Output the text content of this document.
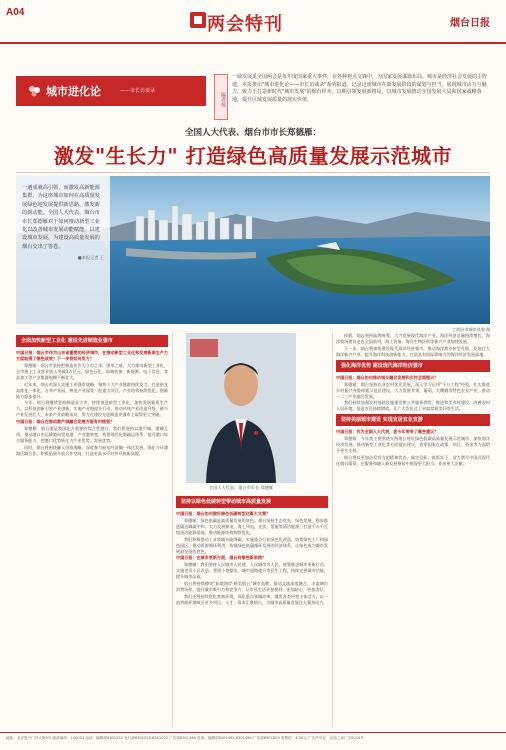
A04
两会特刊	烟台日报
城市进化论	——市长访谈录
编者按
一域发展觅全国两会是每年度国家重大事件，在各种观点交锋中，为国家发展谋篇布局。城市是经济社会发展的主阵地，本报推出"城市进化论——市长访谈录"系列报道，记录这座城市在新发展阶段的谋划与担当，展现城市活力与魅力，致力于打造新时代"城市发展"的烟台样本，以期引领发展新格局，以城市发展推动全国发展大局和国家战略落地，提升区域发展质量的现实价值。
全国人大代表、烟台市市长郑德雁：
激发"生长力" 打造绿色高质量发展示范城市
一遇成就高引领，而激发高新能源集群，为这座城市如何在高质量发展绿色地发展提供新思路，激发新的新动能。全国人大代表、烟台市市长郑德雁对于如何推动新型工业化以改善城市发展动能赋能，以建设城市发展，为建设高质量发展的烟台交出了答卷。
■本报记者 王
□烟台市城市风貌 摄
全面加快新型工业化 建设先进制造业强市

中国日报：烟台市作为山东省重要的经济城市，在推动新型工业化和发展新质生产力方面取得了哪些成效？下一步将如何发力？

郑德雁：烟台市坚持把制造业作为立市之本、强市之基，大力推动新型工业化，全市规上工业营业收入突破1万亿元，绿色石化、高端装备、新能源、电子信息、食品加工等产业集群规模不断壮大。

近年来，烟台市深入实施工业强市战略，聚焦十大产业链群持续发力，打造裕龙岛炼化一体化、万华产业园、核电产业园等一批重大项目，产业结构持续优化，创新能力稳步提升。

今年，烟台将继续坚持制造业立市，持续推进新型工业化，加快发展新质生产力，以科技创新引领产业创新，实施产业链提升行动，推动传统产业改造升级、新兴产业发展壮大、未来产业前瞻布局，努力在建设先进制造业强市上取得更大突破。

中国日报：烟台在推动港产城融合发展方面有何规划？

郑德雁：烟台港是我国北方重要的综合性港口，我们将坚持以港兴城、港城互动，推动港口由运输港向贸易港、产业港转变，构建现代化集疏运体系，提升港口综合服务能力，把港口优势转化为产业优势、发展优势。

同时，烟台将围绕融入国家战略，深度参与胶东经济圈一体化发展，强化与环渤海区域合作，积极拓展开放合作空间，打造更高水平对外开放新高地。

全国人大代表、烟台市市长 郑德雁
坚持以绿色低碳转型带动城市高质量发展

中国日报：烟台如何做好绿色低碳转型这篇大文章？

郑德雁：绿色低碳是高质量发展的底色。烟台坚持生态优先、绿色发展，稳步推进碳达峰碳中和，大力发展核电、海上风电、光伏、氢能等清洁能源，打造千万千瓦级清洁能源基地，推动能源结构持续优化。

我们积极推动工业领域节能降碳，实施重点行业绿色化改造，培育绿色工厂和绿色园区，推动资源循环利用，构建绿色低碳循环发展的经济体系，让绿色成为城市发展最亮丽的底色。

中国日报：在城市更新方面，烟台有哪些新举措？

郑德雁：我们坚持人民城市人民建、人民城市为人民，统筹推进城市更新行动，实施老旧小区改造、背街小巷整治、城市道路提升等民生工程，持续完善城市功能，提升城市品质。

烟台将持续擦亮"仙境海岸·鲜美烟台"城市品牌，推动文旅深度融合，丰富城市消费场景，提升城市吸引力和竞争力，让市民生活更加便利、更加舒心、更加美好。

我们还将持续优化营商环境，深化重点领域改革，激发各类经营主体活力，以一流营商环境吸引更多项目、人才、资本汇聚烟台，为城市高质量发展注入强劲动力。

样板。烟台坚持陆海统筹，大力发展现代海洋产业，海洋经济总量持续增长，海洋牧场建设走在全国前列，海工装备、海洋生物医药等新兴产业加快发展。

下一步，烟台将加快建设现代海洋经济强市，推动海洋渔业转型升级，发展壮大海洋新兴产业，提升海洋科技创新能力，打造具有国际影响力的海洋经济发展高地。

强化海洋优势 建设现代海洋经济强市

中国日报：烟台如何推动城乡融合发展和乡村全面振兴？

郑德雁：烟台坚持农业农村优先发展，深入学习运用"千万工程"经验，扎实推进乡村振兴齐鲁样板示范区建设，大力发展苹果、葡萄、大樱桃等特色农业产业，推动一二三产业融合发展。

我们持续加强农村基础设施建设和公共服务供给，推进和美乡村建设，改善农村人居环境，促进农民持续增收，让广大农民过上更加富裕美好的生活。

坚持美丽城市建设 实现宜居宜业宜游

中国日报：作为全国人大代表，您今年带来了哪些建议？

郑德雁：今年我主要围绕支持烟台建设绿色低碳高质量发展示范城市、加快海洋经济发展、推动新型工业化等方面提出建议，希望国家在政策、项目、资金等方面给予更多支持。

烟台将以更加奋发有为的精神状态，锚定目标、真抓实干，奋力谱写中国式现代化烟台篇章，在服务和融入新发展格局中展现更大担当、作出更大贡献。

地址：北京复兴门外大街9号 邮政编码：100031 电话：编辑部6301252 发行部6301028,6301022 广告部6301260 传真：编辑部6301462,6301480 广告部6301829 零售价：4.00元 广告许可证：京西工商广字0019号
